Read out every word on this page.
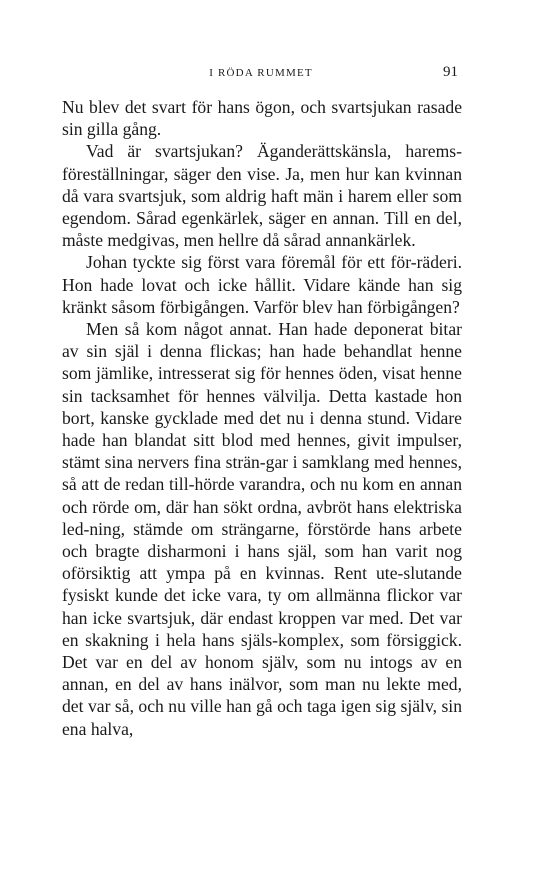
I RÖDA RUMMET	91

Nu blev det svart för hans ögon, och svartsjukan rasade sin gilla gång.

Vad är svartsjukan? Äganderättskänsla, harems-föreställningar, säger den vise. Ja, men hur kan kvinnan då vara svartsjuk, som aldrig haft män i harem eller som egendom. Sårad egenkärlek, säger en annan. Till en del, måste medgivas, men hellre då sårad annankärlek.

Johan tyckte sig först vara föremål för ett för-räderi. Hon hade lovat och icke hållit. Vidare kände han sig kränkt såsom förbigången. Varför blev han förbigången?

Men så kom något annat. Han hade deponerat bitar av sin själ i denna flickas; han hade behandlat henne som jämlike, intresserat sig för hennes öden, visat henne sin tacksamhet för hennes välvilja. Detta kastade hon bort, kanske gycklade med det nu i denna stund. Vidare hade han blandat sitt blod med hennes, givit impulser, stämt sina nervers fina strän-gar i samklang med hennes, så att de redan till-hörde varandra, och nu kom en annan och rörde om, där han sökt ordna, avbröt hans elektriska led-ning, stämde om strängarne, förstörde hans arbete och bragte disharmoni i hans själ, som han varit nog oförsiktig att ympa på en kvinnas. Rent ute-slutande fysiskt kunde det icke vara, ty om allmänna flickor var han icke svartsjuk, där endast kroppen var med. Det var en skakning i hela hans själs-komplex, som försiggick. Det var en del av honom själv, som nu intogs av en annan, en del av hans inälvor, som man nu lekte med, det var så, och nu ville han gå och taga igen sig själv, sin ena halva,
